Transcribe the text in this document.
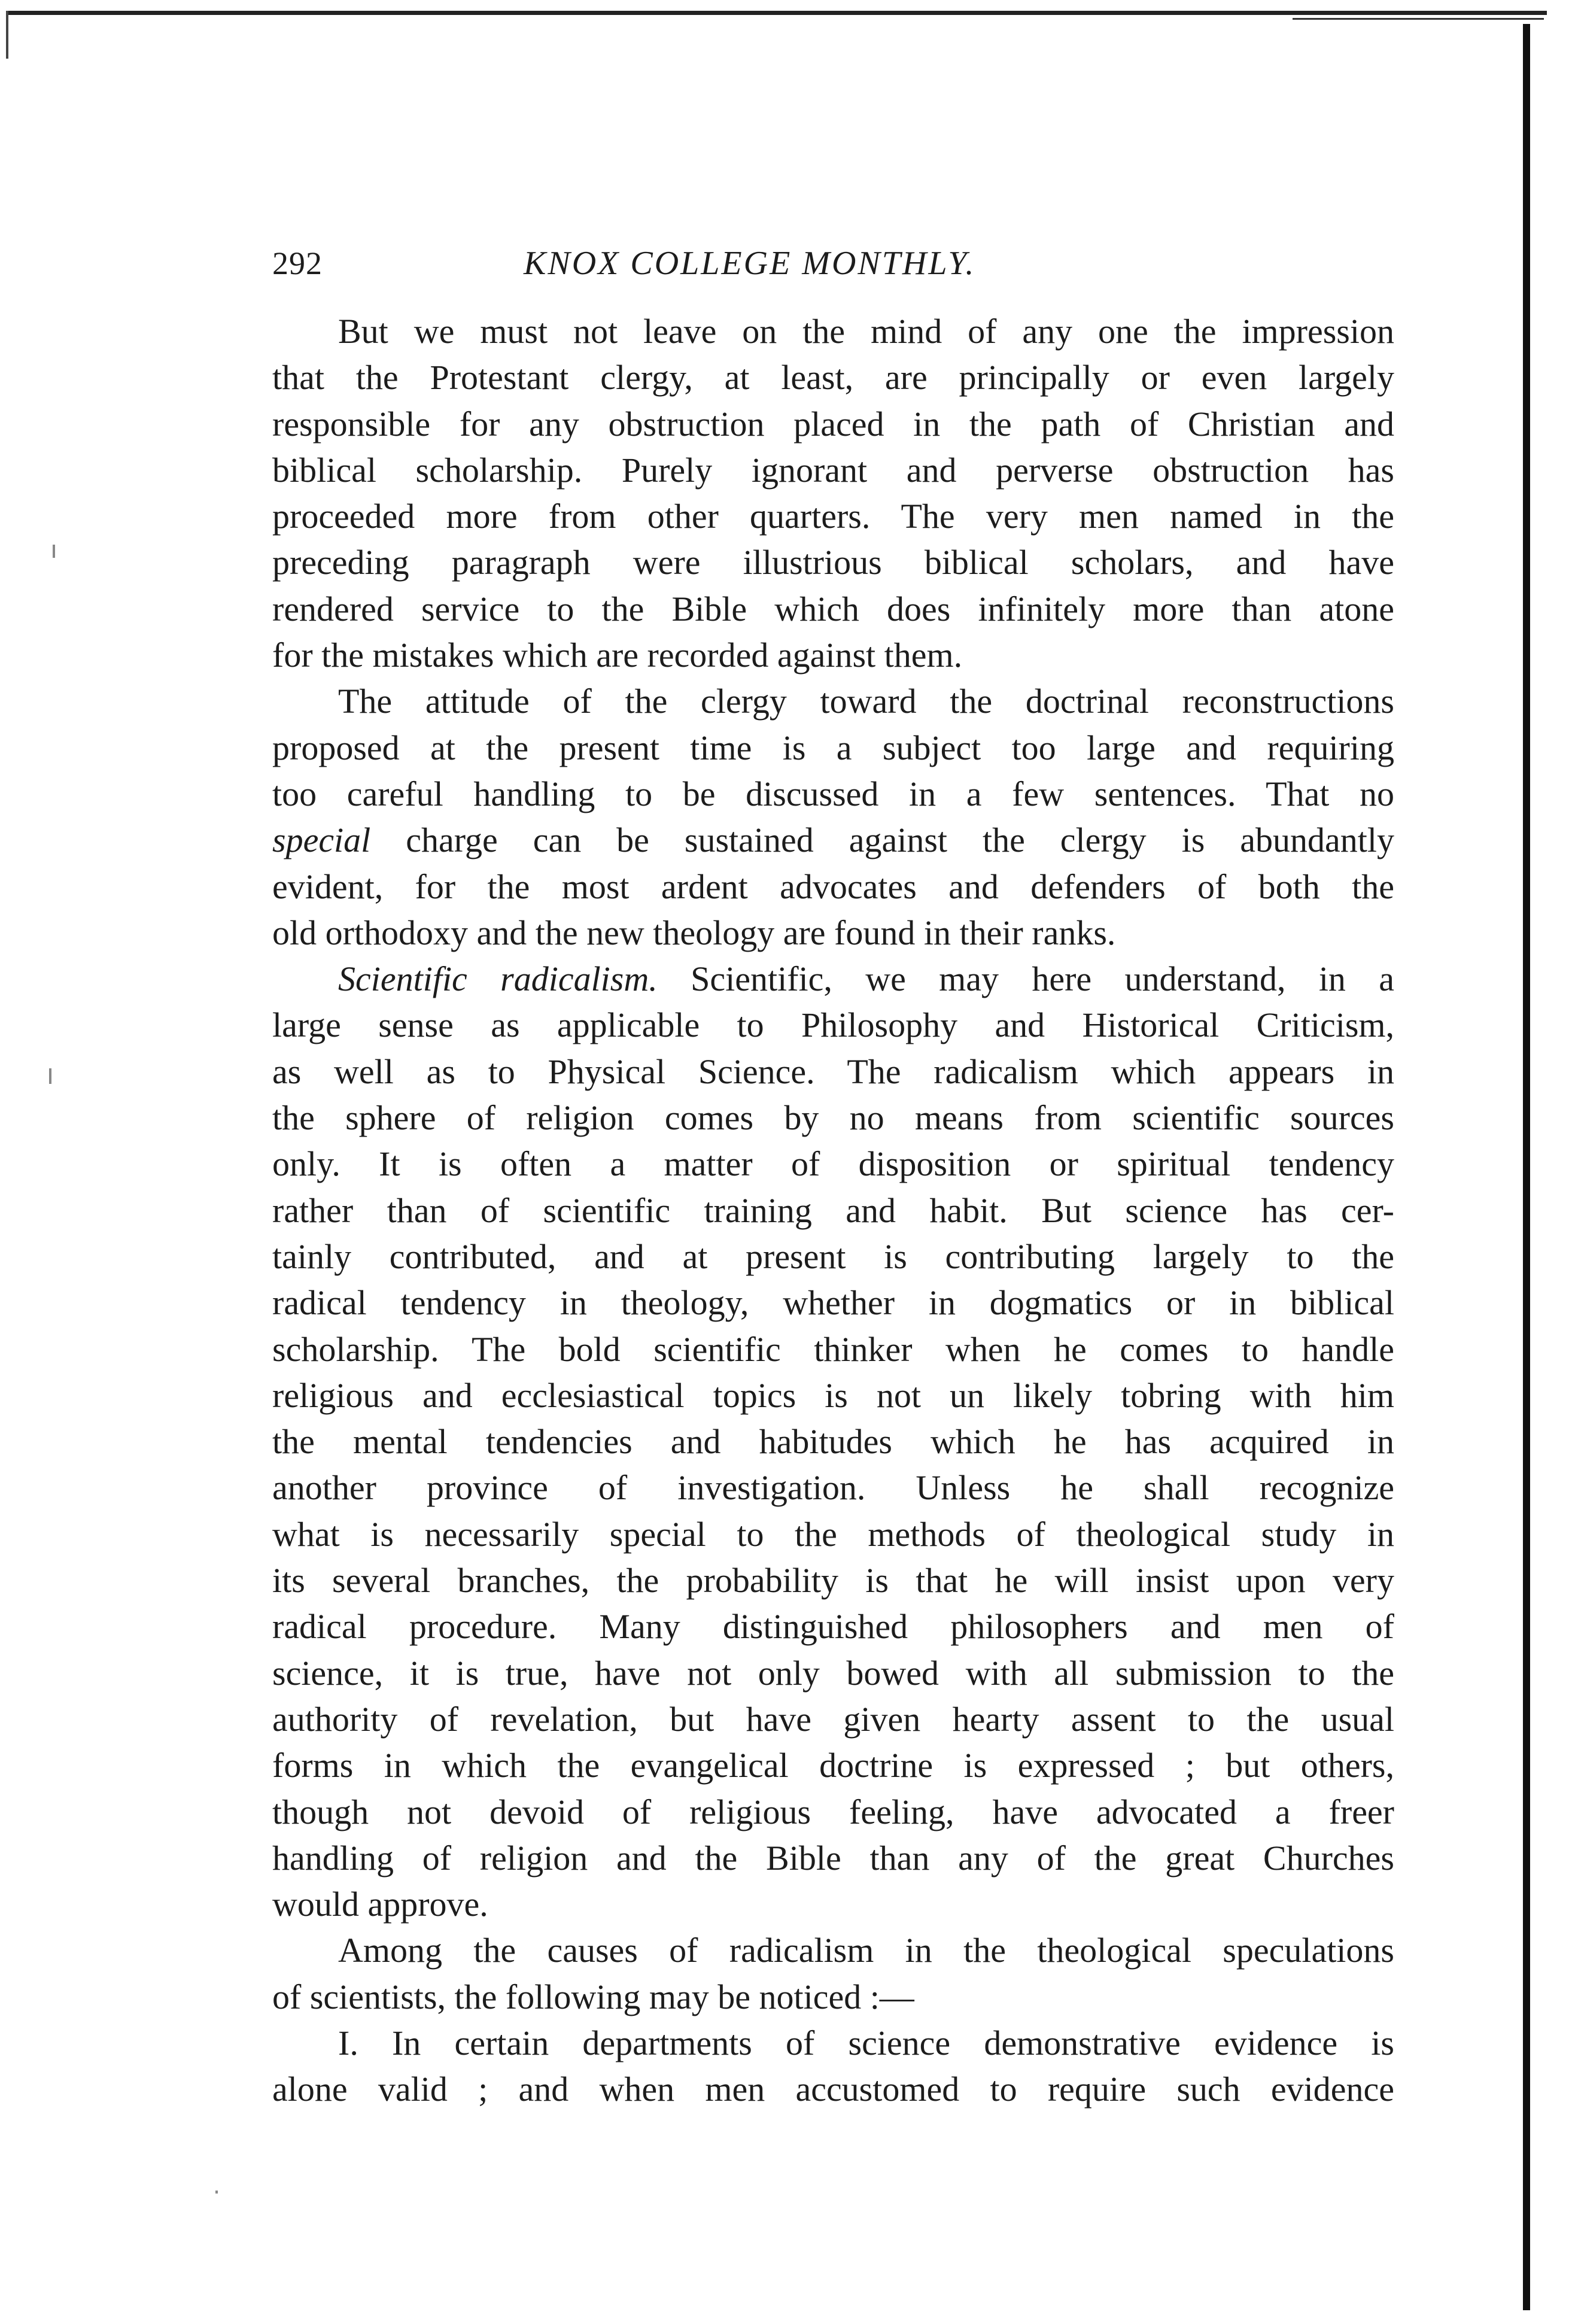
292	KNOX COLLEGE MONTHLY.
But we must not leave on the mind of any one the impression
that the Protestant clergy, at least, are principally or even largely
responsible for any obstruction placed in the path of Christian and
biblical scholarship. Purely ignorant and perverse obstruction has
proceeded more from other quarters. The very men named in the
preceding paragraph were illustrious biblical scholars, and have
rendered service to the Bible which does infinitely more than atone
for the mistakes which are recorded against them.
The attitude of the clergy toward the doctrinal reconstructions
proposed at the present time is a subject too large and requiring
too careful handling to be discussed in a few sentences. That no
special charge can be sustained against the clergy is abundantly
evident, for the most ardent advocates and defenders of both the
old orthodoxy and the new theology are found in their ranks.
Scientific radicalism. Scientific, we may here understand, in a
large sense as applicable to Philosophy and Historical Criticism,
as well as to Physical Science. The radicalism which appears in
the sphere of religion comes by no means from scientific sources
only. It is often a matter of disposition or spiritual tendency
rather than of scientific training and habit. But science has cer-
tainly contributed, and at present is contributing largely to the
radical tendency in theology, whether in dogmatics or in biblical
scholarship. The bold scientific thinker when he comes to handle
religious and ecclesiastical topics is not un likely tobring with him
the mental tendencies and habitudes which he has acquired in
another province of investigation. Unless he shall recognize
what is necessarily special to the methods of theological study in
its several branches, the probability is that he will insist upon very
radical procedure. Many distinguished philosophers and men of
science, it is true, have not only bowed with all submission to the
authority of revelation, but have given hearty assent to the usual
forms in which the evangelical doctrine is expressed ; but others,
though not devoid of religious feeling, have advocated a freer
handling of religion and the Bible than any of the great Churches
would approve.
Among the causes of radicalism in the theological speculations
of scientists, the following may be noticed :—
I. In certain departments of science demonstrative evidence is
alone valid ; and when men accustomed to require such evidence
